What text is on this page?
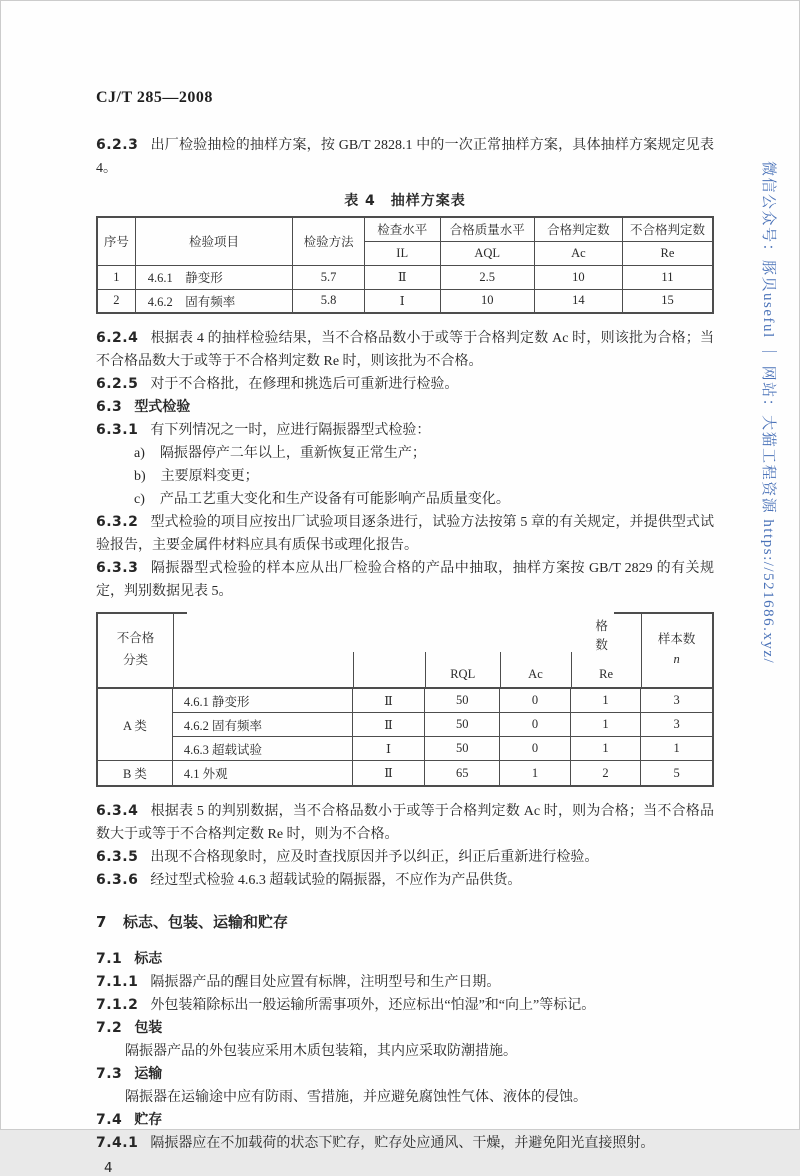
CJ/T 285—2008

6.2.3 出厂检验抽检的抽样方案，按 GB/T 2828.1 中的一次正常抽样方案，具体抽样方案规定见表 4。

表 4　抽样方案表
序号	检验项目	检验方法	检查水平	合格质量水平	合格判定数	不合格判定数
			IL	AQL	Ac	Re
1	4.6.1　静变形	5.7	Ⅱ	2.5	10	11
2	4.6.2　固有频率	5.8	Ⅰ	10	14	15

6.2.4 根据表 4 的抽样检验结果，当不合格品数小于或等于合格判定数 Ac 时，则该批为合格；当不合格品数大于或等于不合格判定数 Re 时，则该批为不合格。

6.2.5 对于不合格批，在修理和挑选后可重新进行检验。

6.3 型式检验

6.3.1 有下列情况之一时，应进行隔振器型式检验：

a) 隔振器停产二年以上，重新恢复正常生产；

b) 主要原料变更；

c) 产品工艺重大变化和生产设备有可能影响产品质量变化。

6.3.2 型式检验的项目应按出厂试验项目逐条进行，试验方法按第 5 章的有关规定，并提供型式试验报告，主要金属件材料应具有质保书或理化报告。

6.3.3 隔振器型式检验的样本应从出厂检验合格的产品中抽取，抽样方案按 GB/T 2829 的有关规定，判别数据见表 5。

不合格
分类
RQL	Ac	Re
格
数	样本数
n
A 类
4.6.1 静变形	Ⅱ	50	0	1	3
4.6.2 固有频率	Ⅱ	50	0	1	3
4.6.3 超载试验	Ⅰ	50	0	1	1
B 类	4.1 外观	Ⅱ	65	1	2	5

6.3.4 根据表 5 的判别数据，当不合格品数小于或等于合格判定数 Ac 时，则为合格；当不合格品数大于或等于不合格判定数 Re 时，则为不合格。

6.3.5 出现不合格现象时，应及时查找原因并予以纠正，纠正后重新进行检验。

6.3.6 经过型式检验 4.6.3 超载试验的隔振器，不应作为产品供货。

7 标志、包装、运输和贮存

7.1 标志

7.1.1 隔振器产品的醒目处应置有标牌，注明型号和生产日期。

7.1.2 外包装箱除标出一般运输所需事项外，还应标出“怕湿”和“向上”等标记。

7.2 包装

隔振器产品的外包装应采用木质包装箱，其内应采取防潮措施。

7.3 运输

隔振器在运输途中应有防雨、雪措施，并应避免腐蚀性气体、液体的侵蚀。

7.4 贮存

7.4.1 隔振器应在不加载荷的状态下贮存，贮存处应通风、干燥，并避免阳光直接照射。

4
微信公众号：豚贝useful ｜ 网站：大猫工程资源 https://521686.xyz/
